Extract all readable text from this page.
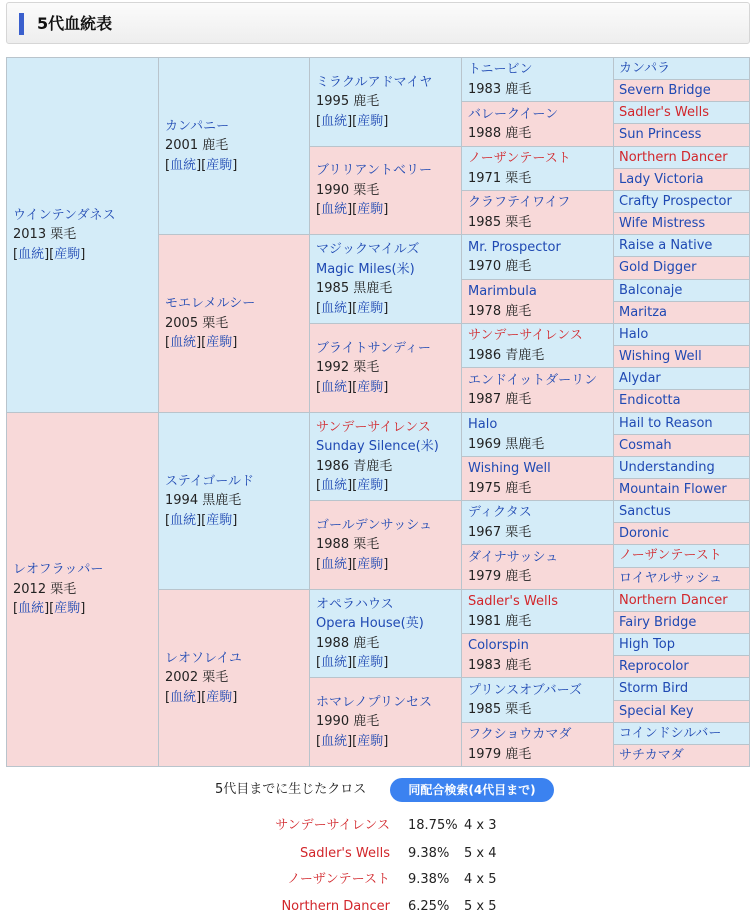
5代血統表
ウインテンダネス
2013 栗毛
[血統][産駒]
レオフラッパー
2012 栗毛
[血統][産駒]
カンパニー
2001 鹿毛
[血統][産駒]
モエレメルシー
2005 栗毛
[血統][産駒]
ステイゴールド
1994 黒鹿毛
[血統][産駒]
レオソレイユ
2002 栗毛
[血統][産駒]
ミラクルアドマイヤ
1995 鹿毛
[血統][産駒]
ブリリアントベリー
1990 栗毛
[血統][産駒]
マジックマイルズ
Magic Miles(米)
1985 黒鹿毛
[血統][産駒]
ブライトサンディー
1992 栗毛
[血統][産駒]
サンデーサイレンス
Sunday Silence(米)
1986 青鹿毛
[血統][産駒]
ゴールデンサッシュ
1988 栗毛
[血統][産駒]
オペラハウス
Opera House(英)
1988 鹿毛
[血統][産駒]
ホマレノプリンセス
1990 鹿毛
[血統][産駒]
トニービン
1983 鹿毛
バレークイーン
1988 鹿毛
ノーザンテースト
1971 栗毛
クラフテイワイフ
1985 栗毛
Mr. Prospector
1970 鹿毛
Marimbula
1978 鹿毛
サンデーサイレンス
1986 青鹿毛
エンドイットダーリン
1987 鹿毛
Halo
1969 黒鹿毛
Wishing Well
1975 鹿毛
ディクタス
1967 栗毛
ダイナサッシュ
1979 鹿毛
Sadler's Wells
1981 鹿毛
Colorspin
1983 鹿毛
プリンスオブバーズ
1985 栗毛
フクショウカマダ
1979 鹿毛
カンパラ
Severn Bridge
Sadler's Wells
Sun Princess
Northern Dancer
Lady Victoria
Crafty Prospector
Wife Mistress
Raise a Native
Gold Digger
Balconaje
Maritza
Halo
Wishing Well
Alydar
Endicotta
Hail to Reason
Cosmah
Understanding
Mountain Flower
Sanctus
Doronic
ノーザンテースト
ロイヤルサッシュ
Northern Dancer
Fairy Bridge
High Top
Reprocolor
Storm Bird
Special Key
コインドシルバー
サチカマダ
5代目までに生じたクロス	同配合検索(4代目まで)
サンデーサイレンス 18.75% 4 x 3
Sadler's Wells 9.38% 5 x 4
ノーザンテースト 9.38% 4 x 5
Northern Dancer 6.25% 5 x 5
